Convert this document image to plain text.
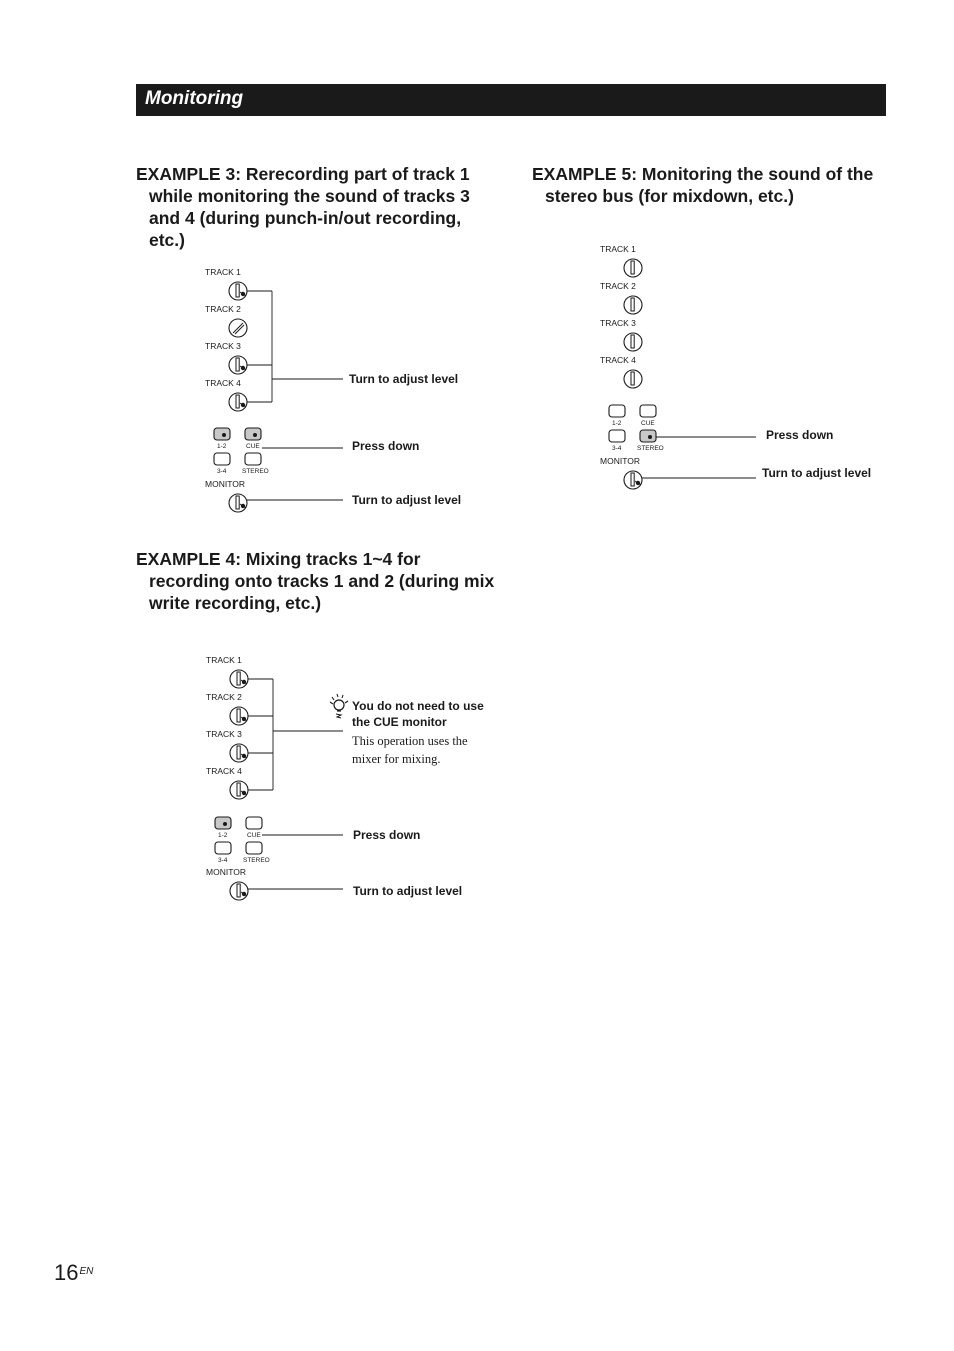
Monitoring
EXAMPLE 3: Rerecording part of track 1
while monitoring the sound of tracks 3
and 4 (during punch-in/out recording,
etc.)
EXAMPLE 4: Mixing tracks 1~4 for
recording onto tracks 1 and 2 (during mix
write recording, etc.)
EXAMPLE 5: Monitoring the sound of the
stereo bus (for mixdown, etc.)
TRACK 1
TRACK 2
TRACK 3
TRACK 4
1-2	CUE
3-4 STEREO
MONITOR
TRACK 1
TRACK 2
TRACK 3
TRACK 4
1-2	CUE
3-4 STEREO
MONITOR
TRACK 1
TRACK 2
TRACK 3
TRACK 4
1-2	CUE
3-4 STEREO
MONITOR
Turn to adjust level
Press down
Turn to adjust level
You do not need to use
the CUE monitor
This operation uses the
mixer for mixing.
Press down
Turn to adjust level
Press down
Turn to adjust level
$16^{EN}$
